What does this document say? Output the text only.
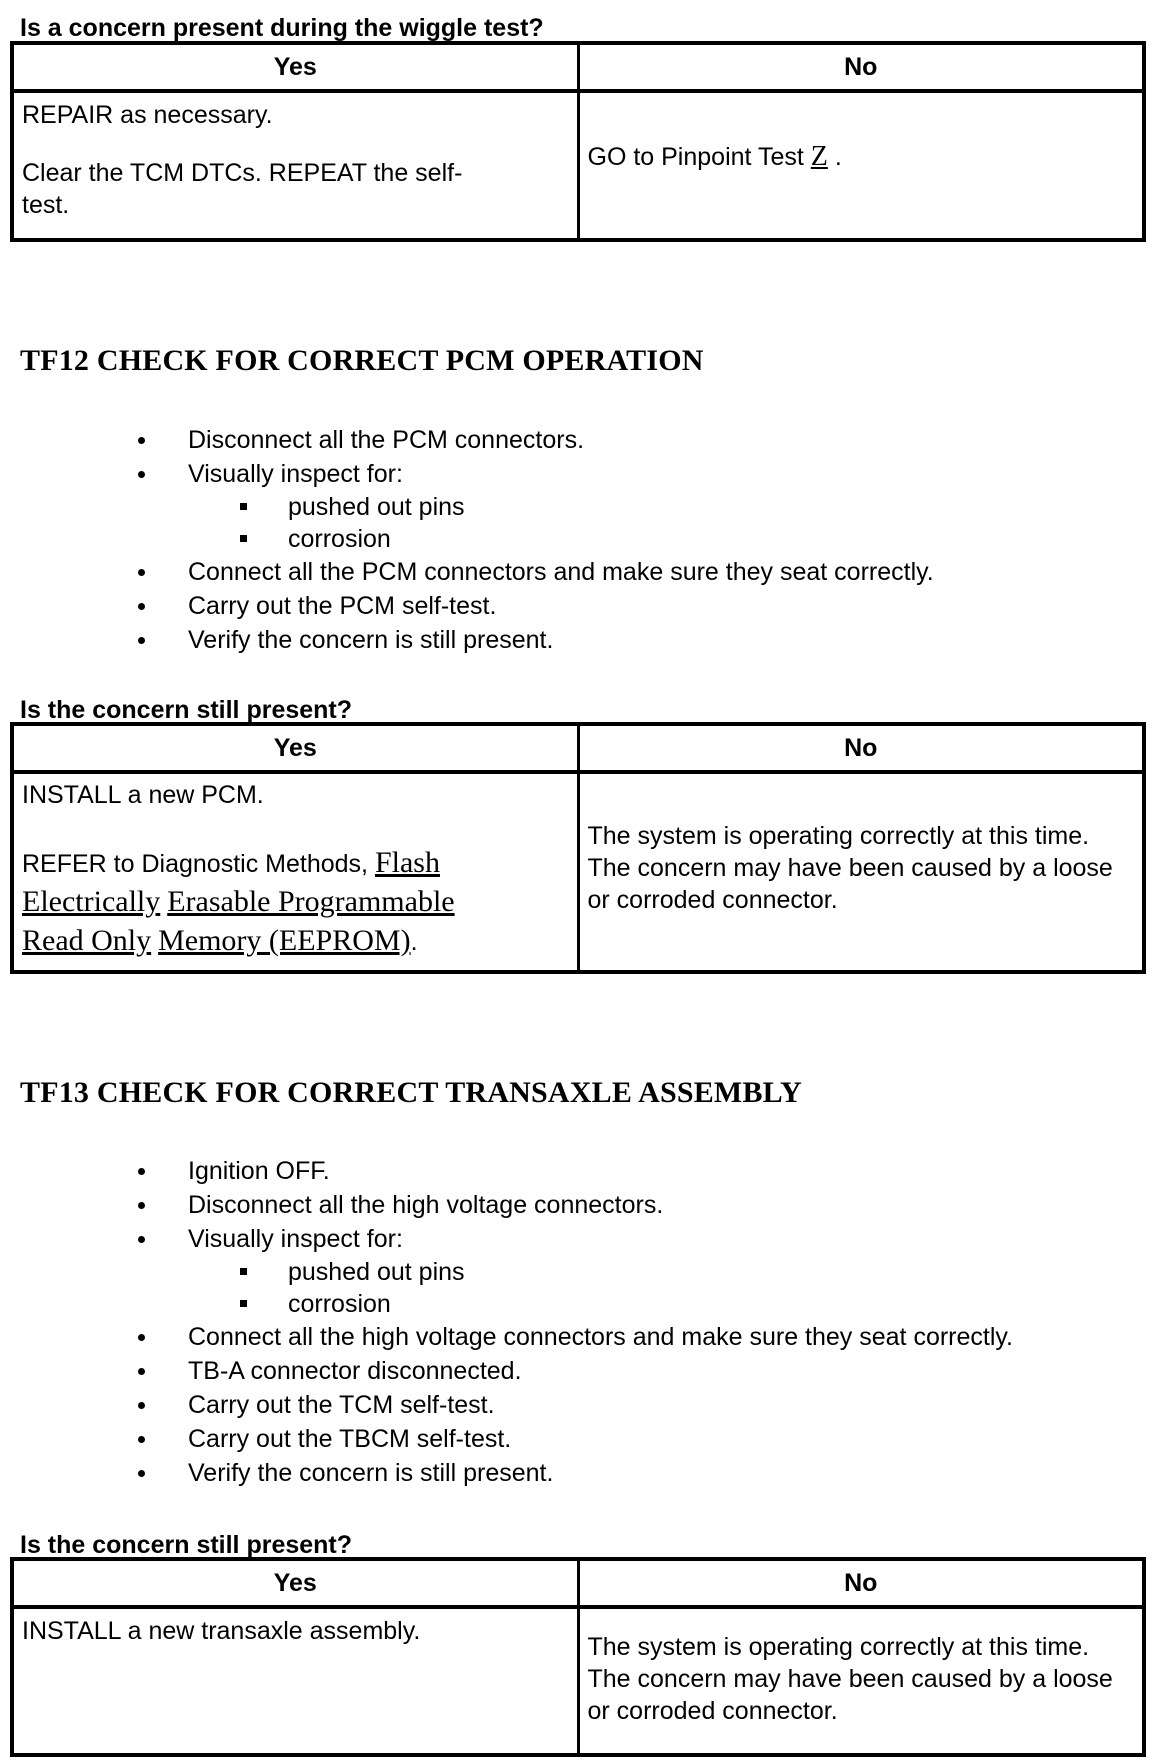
Is a concern present during the wiggle test?
Yes	No

REPAIR as necessary.

Clear the TCM DTCs. REPEAT the self-test.	GO to Pinpoint Test Z .
TF12 CHECK FOR CORRECT PCM OPERATION
Disconnect all the PCM connectors.
Visually inspect for:
pushed out pins
corrosion
Connect all the PCM connectors and make sure they seat correctly.
Carry out the PCM self-test.
Verify the concern is still present.
Is the concern still present?
Yes	No

INSTALL a new PCM.

REFER to Diagnostic Methods, Flash
Electrically Erasable Programmable
Read Only Memory (EEPROM).	The system is operating correctly at this time. The concern may have been caused by a loose or corroded connector.
TF13 CHECK FOR CORRECT TRANSAXLE ASSEMBLY
Ignition OFF.
Disconnect all the high voltage connectors.
Visually inspect for:
pushed out pins
corrosion
Connect all the high voltage connectors and make sure they seat correctly.
TB-A connector disconnected.
Carry out the TCM self-test.
Carry out the TBCM self-test.
Verify the concern is still present.
Is the concern still present?
Yes	No

INSTALL a new transaxle assembly.	The system is operating correctly at this time. The concern may have been caused by a loose or corroded connector.
